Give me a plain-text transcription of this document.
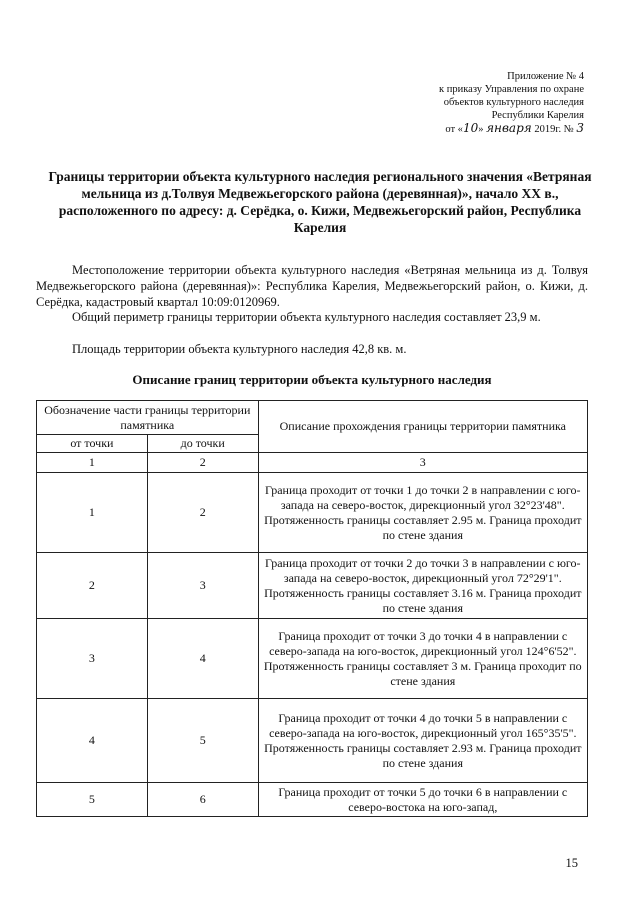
Приложение № 4
к приказу Управления по охране
объектов культурного наследия
Республики Карелия
от «10» января 2019г. № 3
Границы территории объекта культурного наследия регионального значения «Ветряная мельница из д.Толвуя Медвежьегорского района (деревянная)», начало XX в., расположенного по адресу: д. Серёдка, о. Кижи, Медвежьегорский район, Республика Карелия
Местоположение территории объекта культурного наследия «Ветряная мельница из д. Толвуя Медвежьегорского района (деревянная)»: Республика Карелия, Медвежьегорский район, о. Кижи, д. Серёдка, кадастровый квартал 10:09:0120969.
Общий периметр границы территории объекта культурного наследия составляет 23,9 м.
Площадь территории объекта культурного наследия 42,8 кв. м.
Описание границ территории объекта культурного наследия
Обозначение части границы территории памятника		Описание прохождения границы территории памятника
от точки	до точки	
1	2	3
1	2	Граница проходит от точки 1 до точки 2 в направлении с юго-запада на северо-восток, дирекционный угол 32°23'48". Протяженность границы составляет 2.95 м. Граница проходит по стене здания
2	3	Граница проходит от точки 2 до точки 3 в направлении с юго-запада на северо-восток, дирекционный угол 72°29'1". Протяженность границы составляет 3.16 м. Граница проходит по стене здания
3	4	Граница проходит от точки 3 до точки 4 в направлении с северо-запада на юго-восток, дирекционный угол 124°6'52". Протяженность границы составляет 3 м. Граница проходит по стене здания
4	5	Граница проходит от точки 4 до точки 5 в направлении с северо-запада на юго-восток, дирекционный угол 165°35'5". Протяженность границы составляет 2.93 м. Граница проходит по стене здания
5	6	Граница проходит от точки 5 до точки 6 в направлении с северо-востока на юго-запад,
15
